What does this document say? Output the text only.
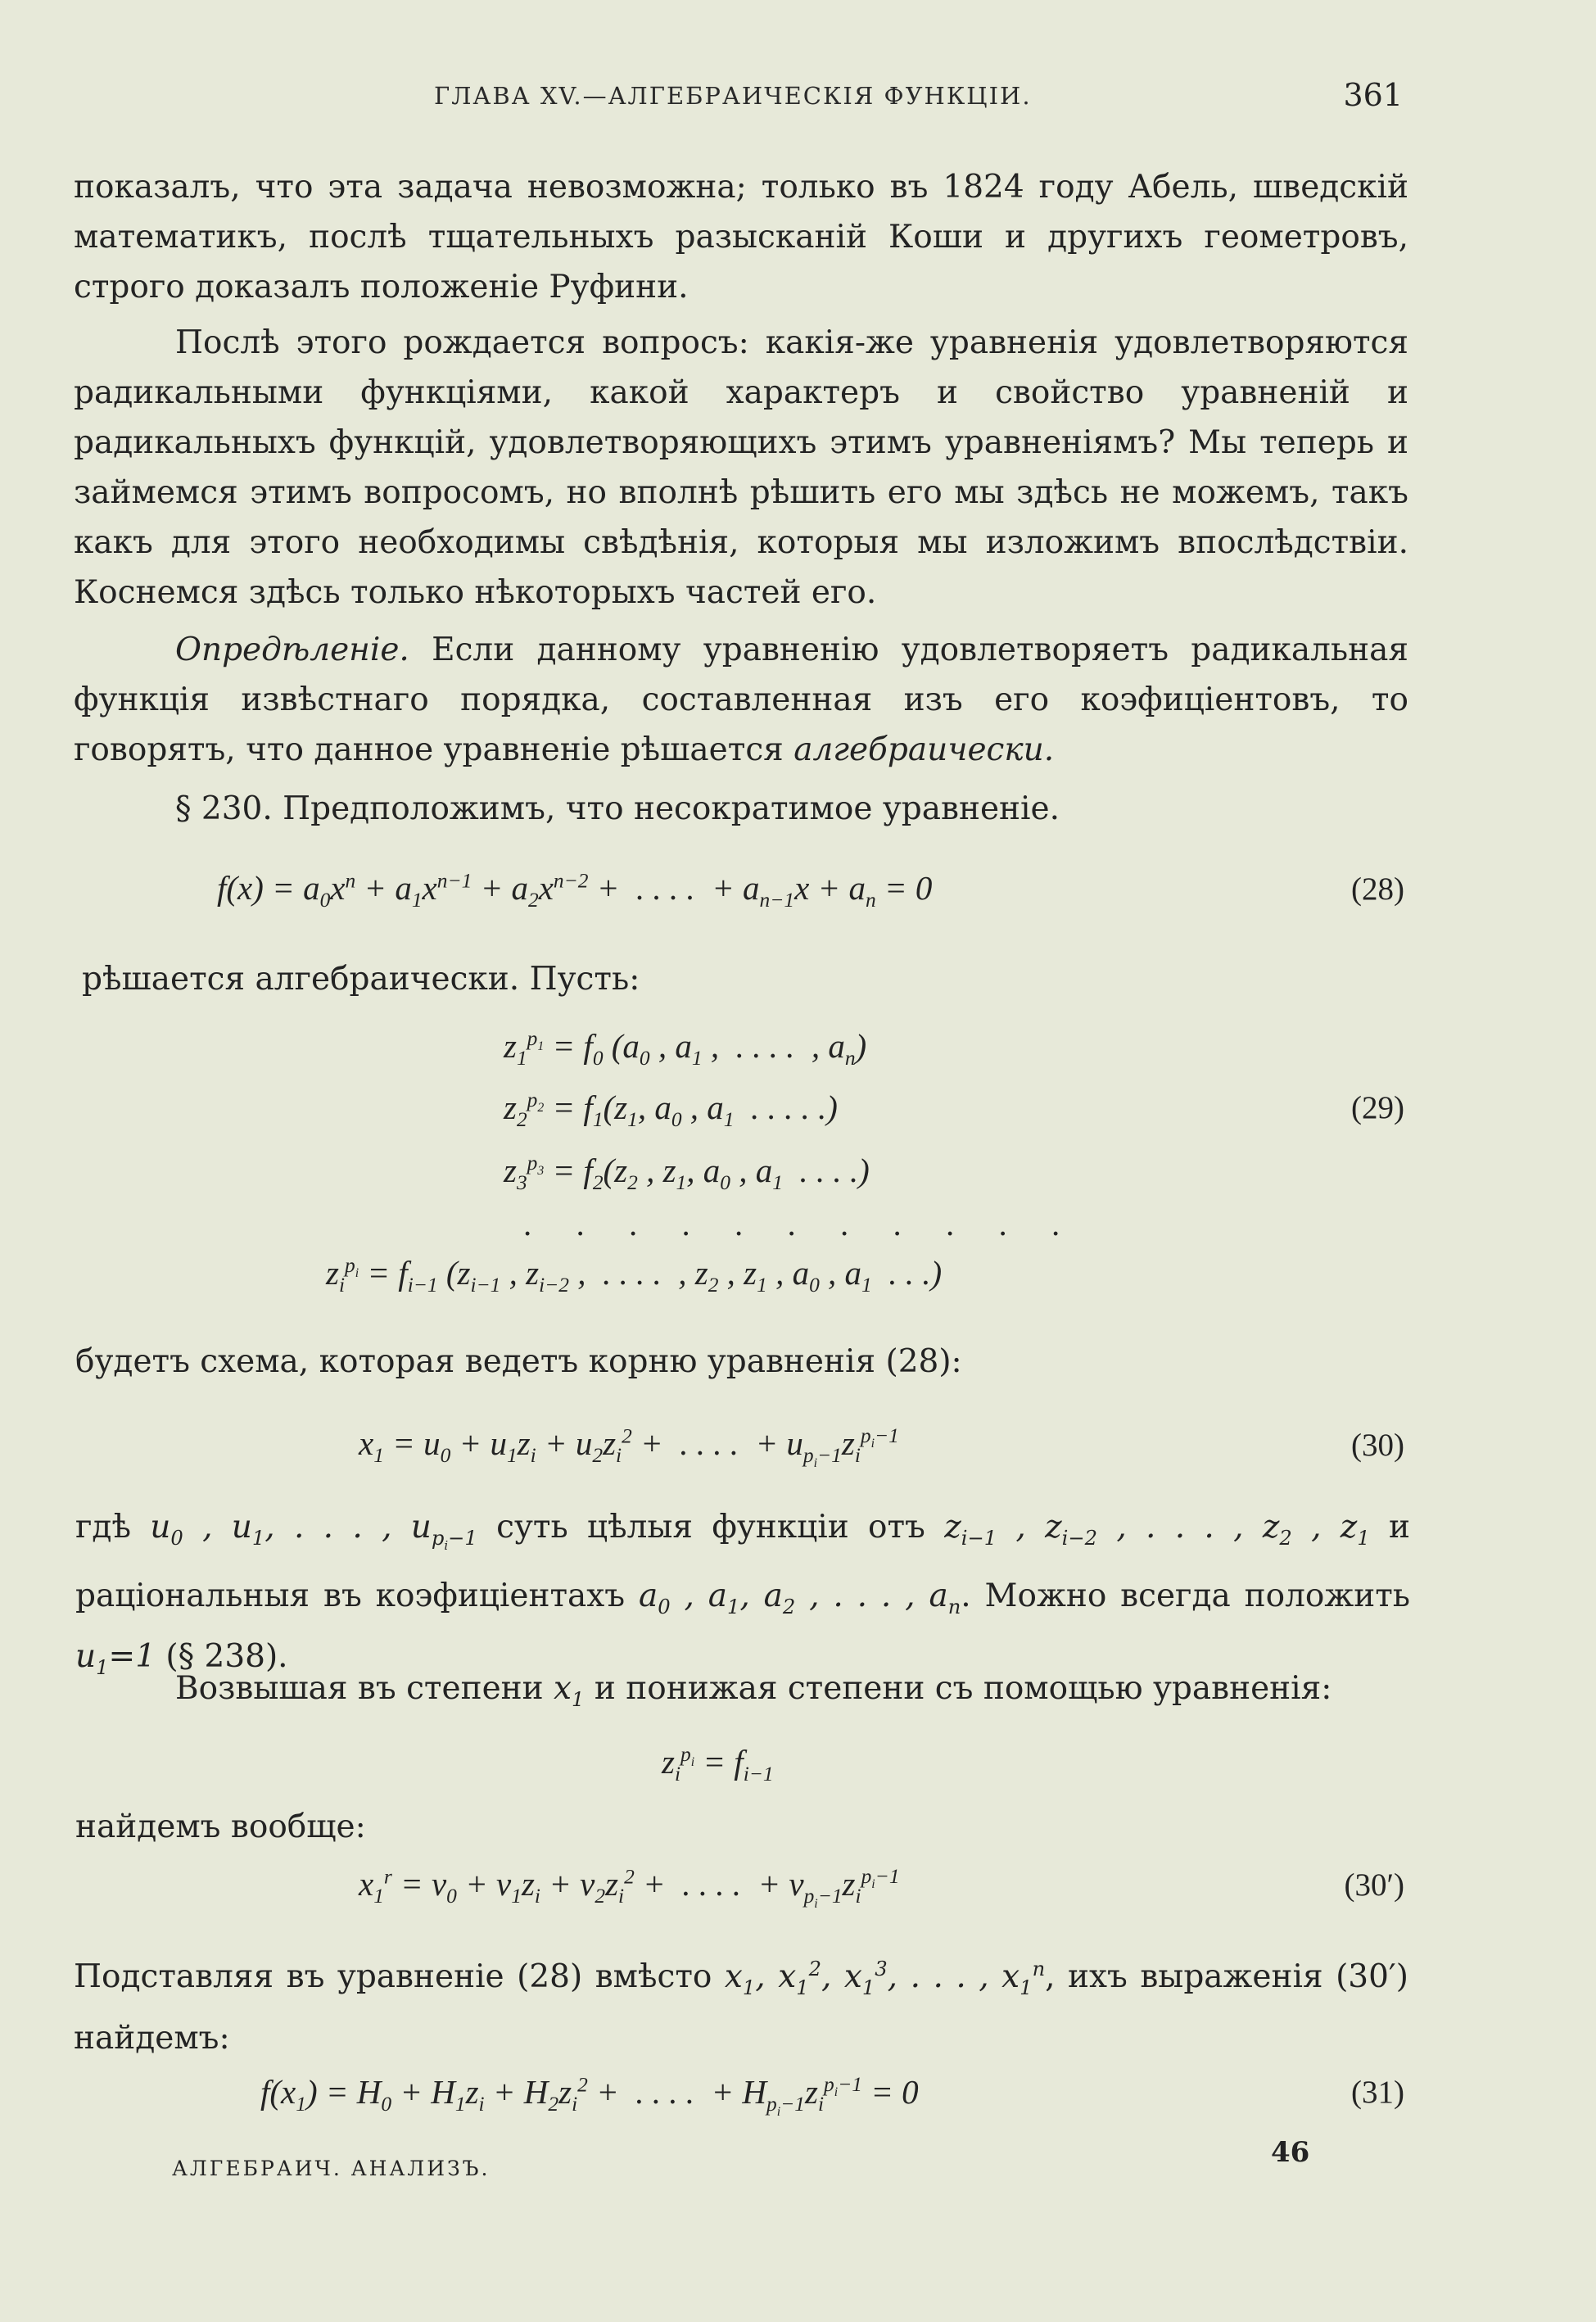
ГЛАВА XV.—АЛГЕБРАИЧЕСКІЯ ФУНКЦІИ.	361
показалъ, что эта задача невозможна; только въ 1824 году Абель, шведскій математикъ, послѣ тщательныхъ разысканій Коши и другихъ геометровъ, строго доказалъ положеніе Руфини.
Послѣ этого рождается вопросъ: какія-же уравненія удовлетворяются радикальными функціями, какой характеръ и свойство уравненій и радикальныхъ функцій, удовлетворяющихъ этимъ уравненіямъ? Мы теперь и займемся этимъ вопросомъ, но вполнѣ рѣшить его мы здѣсь не можемъ, такъ какъ для этого необходимы свѣдѣнія, которыя мы изложимъ впослѣдствіи. Коснемся здѣсь только нѣкоторыхъ частей его.
Опредѣленіе. Если данному уравненію удовлетворяетъ радикальная функція извѣстнаго порядка, составленная изъ его коэфиціентовъ, то говорятъ, что данное уравненіе рѣшается алгебраически.
§ 230. Предположимъ, что несократимое уравненіе.
$f(x) = a_0x^n + a_1x^{n-1} + a_2x^{n-2}$ +  . . . .  + $a_{n-1}x + a_n = 0$	(28)
рѣшается алгебраически. Пусть:
$z_1^{p_1} = f_0$ ($a_0$ , $a_1$ ,  . . . .  , $a_n$)
$z_2^{p_2} = f_1(z_1$, $a_0$ , $a_1$  . . . . .)	(29)
$z_3^{p_3} = f_2(z_2$ , $z_1$, $a_0$ , $a_1$  . . . .)
. . . . . . . . . . .
$z_i^{p_i} = f_{i-1}$ ($z_{i-1}$ , $z_{i-2}$ ,  . . . .  , $z_2$ , $z_1$ , $a_0$ , $a_1$  . . .)
будетъ схема, которая ведетъ корню уравненія (28):
$x_1 = u_0 + u_1z_i + u_2z_i^2$ +  . . . .  + $u_{p_i-1}z_i^{p_i-1}$	(30)
гдѣ $u_0$ , $u_1$, . . . , $u_{p_i-1}$ суть цѣлыя функціи отъ $z_{i-1}$ , $z_{i-2}$ , . . . , $z_2$ , $z_1$ и раціональныя въ коэфиціентахъ $a_0$ , $a_1$, $a_2$ , . . . , $a_n$. Можно всегда положить $u_1=1$ (§ 238).
Возвышая въ степени $x_1$ и понижая степени съ помощью уравненія:
$z_i^{p_i} = f_{i-1}$
найдемъ вообще:
$x_1^r = v_0 + v_1z_i + v_2z_i^2$ +  . . . .  + $v_{p_i-1}z_i^{p_i-1}$	(30′)
Подставляя въ уравненіе (28) вмѣсто $x_1$, $x_1^2$, $x_1^3$, . . . , $x_1^n$, ихъ выраженія (30′) найдемъ:
$f(x_1) = H_0 + H_1z_i + H_2z_i^2$ +  . . . .  + $H_{p_i-1}z_i^{p_i-1} = 0$	(31)
АЛГЕБРАИЧ. АНАЛИЗЪ.	46
